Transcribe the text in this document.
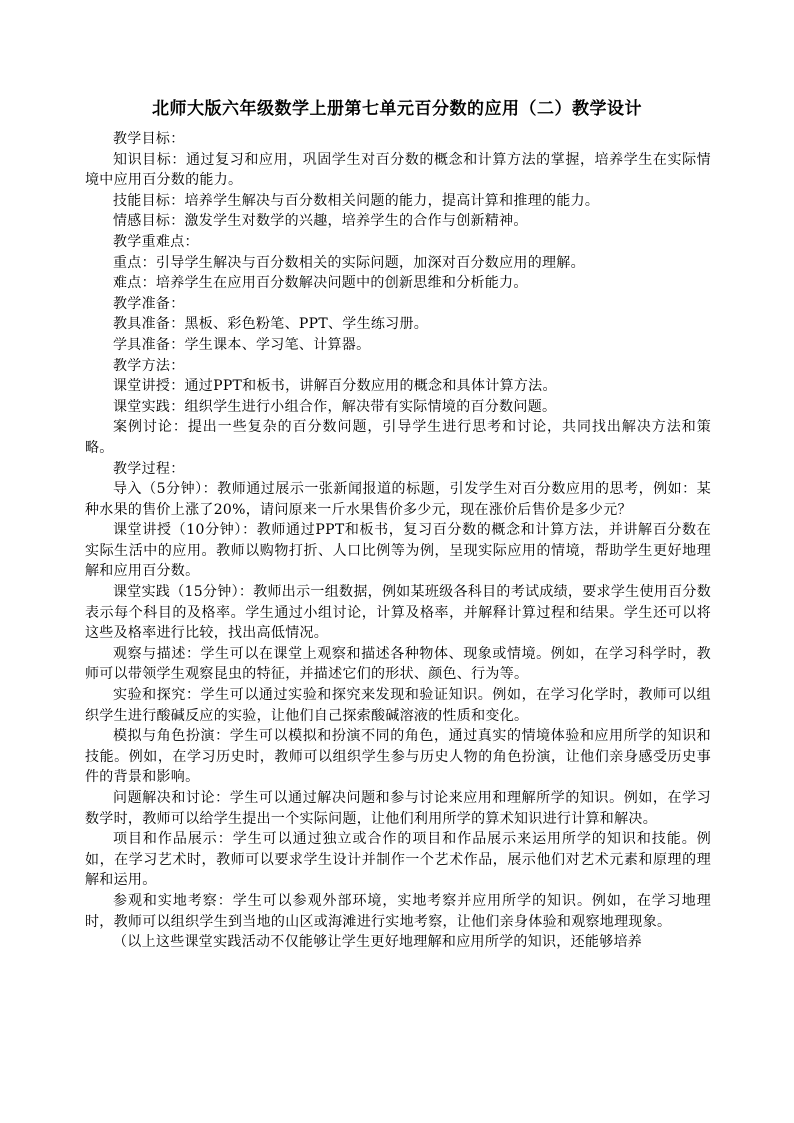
北师大版六年级数学上册第七单元百分数的应用（二）教学设计

教学目标：

知识目标：通过复习和应用，巩固学生对百分数的概念和计算方法的掌握，培养学生在实际情境中应用百分数的能力。

技能目标：培养学生解决与百分数相关问题的能力，提高计算和推理的能力。

情感目标：激发学生对数学的兴趣，培养学生的合作与创新精神。

教学重难点：

重点：引导学生解决与百分数相关的实际问题，加深对百分数应用的理解。

难点：培养学生在应用百分数解决问题中的创新思维和分析能力。

教学准备：

教具准备：黑板、彩色粉笔、PPT、学生练习册。

学具准备：学生课本、学习笔、计算器。

教学方法：

课堂讲授：通过PPT和板书，讲解百分数应用的概念和具体计算方法。

课堂实践：组织学生进行小组合作，解决带有实际情境的百分数问题。

案例讨论：提出一些复杂的百分数问题，引导学生进行思考和讨论，共同找出解决方法和策略。

教学过程：

导入（5分钟）：教师通过展示一张新闻报道的标题，引发学生对百分数应用的思考，例如：某种水果的售价上涨了20%，请问原来一斤水果售价多少元，现在涨价后售价是多少元？

课堂讲授（10分钟）：教师通过PPT和板书，复习百分数的概念和计算方法，并讲解百分数在实际生活中的应用。教师以购物打折、人口比例等为例，呈现实际应用的情境，帮助学生更好地理解和应用百分数。

课堂实践（15分钟）：教师出示一组数据，例如某班级各科目的考试成绩，要求学生使用百分数表示每个科目的及格率。学生通过小组讨论，计算及格率，并解释计算过程和结果。学生还可以将这些及格率进行比较，找出高低情况。

观察与描述：学生可以在课堂上观察和描述各种物体、现象或情境。例如，在学习科学时，教师可以带领学生观察昆虫的特征，并描述它们的形状、颜色、行为等。

实验和探究：学生可以通过实验和探究来发现和验证知识。例如，在学习化学时，教师可以组织学生进行酸碱反应的实验，让他们自己探索酸碱溶液的性质和变化。

模拟与角色扮演：学生可以模拟和扮演不同的角色，通过真实的情境体验和应用所学的知识和技能。例如，在学习历史时，教师可以组织学生参与历史人物的角色扮演，让他们亲身感受历史事件的背景和影响。

问题解决和讨论：学生可以通过解决问题和参与讨论来应用和理解所学的知识。例如，在学习数学时，教师可以给学生提出一个实际问题，让他们利用所学的算术知识进行计算和解决。

项目和作品展示：学生可以通过独立或合作的项目和作品展示来运用所学的知识和技能。例如，在学习艺术时，教师可以要求学生设计并制作一个艺术作品，展示他们对艺术元素和原理的理解和运用。

参观和实地考察：学生可以参观外部环境，实地考察并应用所学的知识。例如，在学习地理时，教师可以组织学生到当地的山区或海滩进行实地考察，让他们亲身体验和观察地理现象。

（以上这些课堂实践活动不仅能够让学生更好地理解和应用所学的知识，还能够培养
